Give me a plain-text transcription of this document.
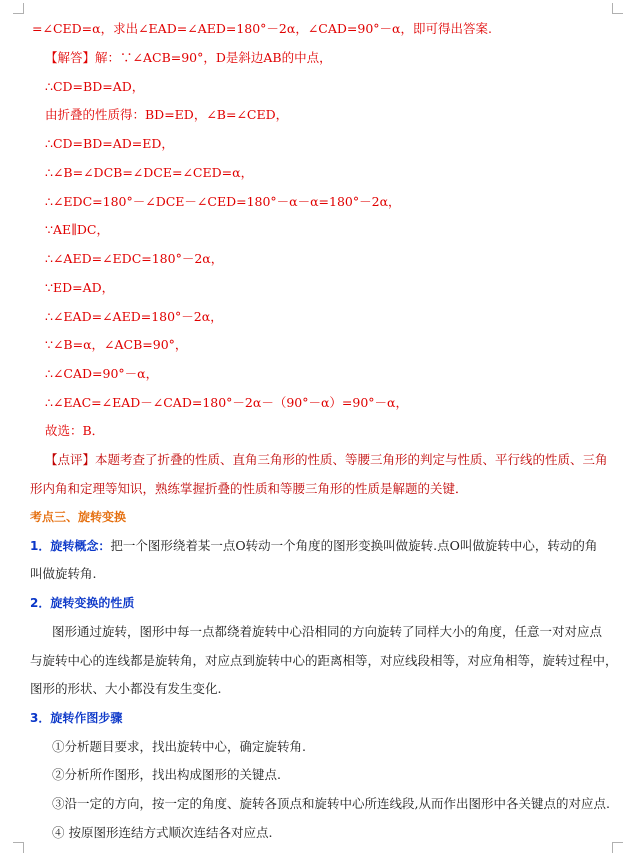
=∠CED=α，求出∠EAD=∠AED=180°－2α，∠CAD=90°－α，即可得出答案.
【解答】解：∵∠ACB=90°，D是斜边AB的中点，
∴CD=BD=AD，
由折叠的性质得：BD=ED，∠B=∠CED，
∴CD=BD=AD=ED，
∴∠B=∠DCB=∠DCE=∠CED=α，
∴∠EDC=180°－∠DCE－∠CED=180°－α－α=180°－2α，
∵AE∥DC，
∴∠AED=∠EDC=180°－2α，
∵ED=AD，
∴∠EAD=∠AED=180°－2α，
∵∠B=α，∠ACB=90°，
∴∠CAD=90°－α，
∴∠EAC=∠EAD－∠CAD=180°－2α－（90°－α）=90°－α，
故选：B．
【点评】本题考查了折叠的性质、直角三角形的性质、等腰三角形的判定与性质、平行线的性质、三角
形内角和定理等知识，熟练掌握折叠的性质和等腰三角形的性质是解题的关键．
考点三、旋转变换
1．旋转概念：把一个图形绕着某一点O转动一个角度的图形变换叫做旋转.点O叫做旋转中心，转动的角
叫做旋转角.
2．旋转变换的性质
图形通过旋转，图形中每一点都绕着旋转中心沿相同的方向旋转了同样大小的角度，任意一对对应点
与旋转中心的连线都是旋转角，对应点到旋转中心的距离相等，对应线段相等，对应角相等，旋转过程中，
图形的形状、大小都没有发生变化.
3．旋转作图步骤
①分析题目要求，找出旋转中心，确定旋转角.
②分析所作图形，找出构成图形的关键点.
③沿一定的方向，按一定的角度、旋转各顶点和旋转中心所连线段,从而作出图形中各关键点的对应点.
④ 按原图形连结方式顺次连结各对应点.
